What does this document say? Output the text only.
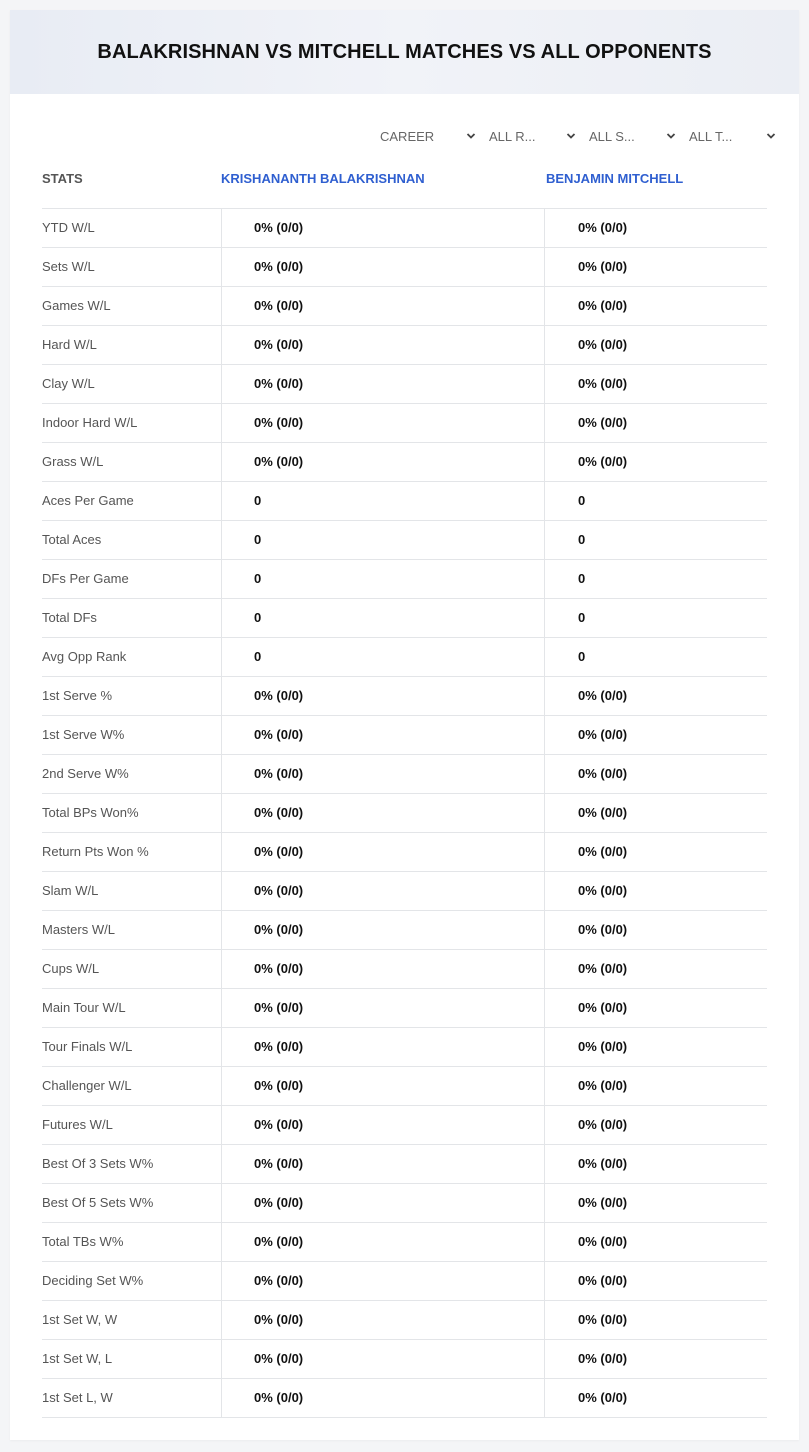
BALAKRISHNAN VS MITCHELL MATCHES VS ALL OPPONENTS
CAREER	ALL R...	ALL S...	ALL T...
STATS	KRISHANANTH BALAKRISHNAN	BENJAMIN MITCHELL
YTD W/L	0% (0/0)	0% (0/0)
Sets W/L	0% (0/0)	0% (0/0)
Games W/L	0% (0/0)	0% (0/0)
Hard W/L	0% (0/0)	0% (0/0)
Clay W/L	0% (0/0)	0% (0/0)
Indoor Hard W/L	0% (0/0)	0% (0/0)
Grass W/L	0% (0/0)	0% (0/0)
Aces Per Game	0	0
Total Aces	0	0
DFs Per Game	0	0
Total DFs	0	0
Avg Opp Rank	0	0
1st Serve %	0% (0/0)	0% (0/0)
1st Serve W%	0% (0/0)	0% (0/0)
2nd Serve W%	0% (0/0)	0% (0/0)
Total BPs Won%	0% (0/0)	0% (0/0)
Return Pts Won %	0% (0/0)	0% (0/0)
Slam W/L	0% (0/0)	0% (0/0)
Masters W/L	0% (0/0)	0% (0/0)
Cups W/L	0% (0/0)	0% (0/0)
Main Tour W/L	0% (0/0)	0% (0/0)
Tour Finals W/L	0% (0/0)	0% (0/0)
Challenger W/L	0% (0/0)	0% (0/0)
Futures W/L	0% (0/0)	0% (0/0)
Best Of 3 Sets W%	0% (0/0)	0% (0/0)
Best Of 5 Sets W%	0% (0/0)	0% (0/0)
Total TBs W%	0% (0/0)	0% (0/0)
Deciding Set W%	0% (0/0)	0% (0/0)
1st Set W, W	0% (0/0)	0% (0/0)
1st Set W, L	0% (0/0)	0% (0/0)
1st Set L, W	0% (0/0)	0% (0/0)
